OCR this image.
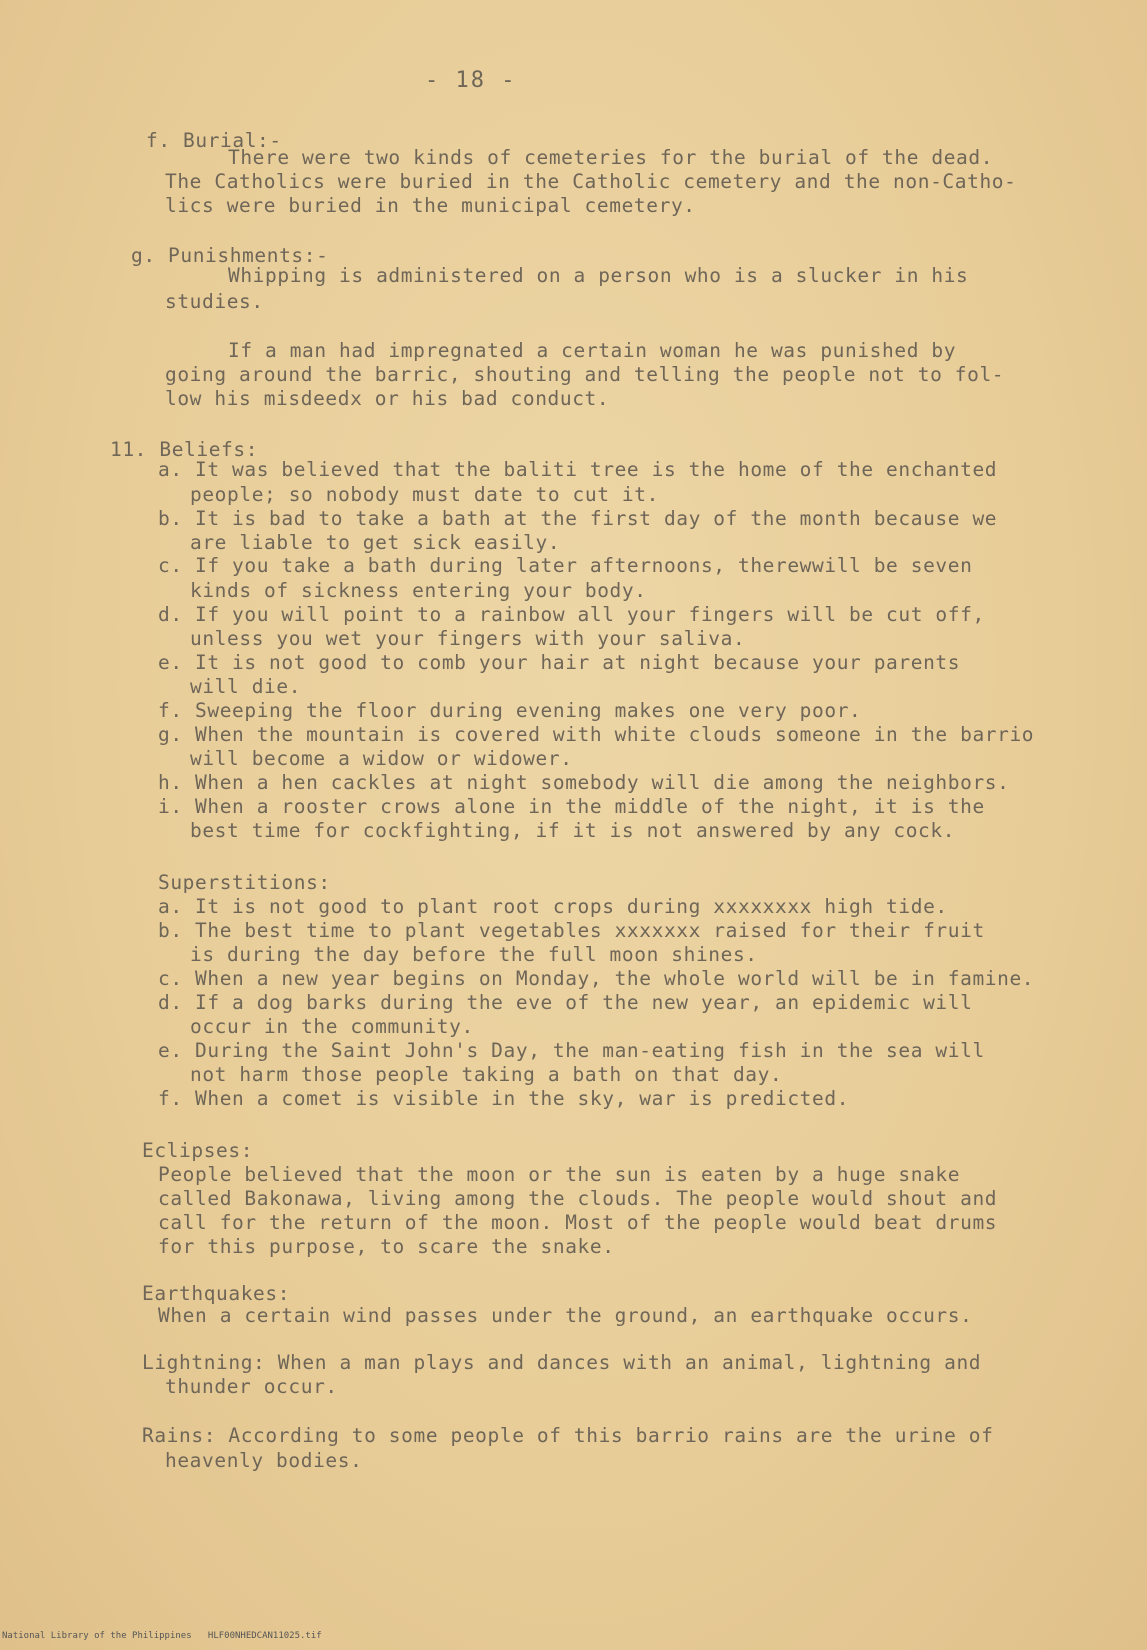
- 18 -
f. Burial:-
There were two kinds of cemeteries for the burial of the dead.
The Catholics were buried in the Catholic cemetery and the non-Catho-
lics were buried in the municipal cemetery.
g. Punishments:-
Whipping is administered on a person who is a slucker in his
studies.
If a man had impregnated a certain woman he was punished by
going around the barric, shouting and telling the people not to fol-
low his misdeedx or his bad conduct.
11. Beliefs:
a. It was believed that the baliti tree is the home of the enchanted
people; so nobody must date to cut it.
b. It is bad to take a bath at the first day of the month because we
are liable to get sick easily.
c. If you take a bath during later afternoons, therewwill be seven
kinds of sickness entering your body.
d. If you will point to a rainbow all your fingers will be cut off,
unless you wet your fingers with your saliva.
e. It is not good to comb your hair at night because your parents
will die.
f. Sweeping the floor during evening makes one very poor.
g. When the mountain is covered with white clouds someone in the barrio
will become a widow or widower.
h. When a hen cackles at night somebody will die among the neighbors.
i. When a rooster crows alone in the middle of the night, it is the
best time for cockfighting, if it is not answered by any cock.
Superstitions:
a. It is not good to plant root crops during xxxxxxxx high tide.
b. The best time to plant vegetables xxxxxxx raised for their fruit
is during the day before the full moon shines.
c. When a new year begins on Monday, the whole world will be in famine.
d. If a dog barks during the eve of the new year, an epidemic will
occur in the community.
e. During the Saint John's Day, the man-eating fish in the sea will
not harm those people taking a bath on that day.
f. When a comet is visible in the sky, war is predicted.
Eclipses:
People believed that the moon or the sun is eaten by a huge snake
called Bakonawa, living among the clouds. The people would shout and
call for the return of the moon. Most of the people would beat drums
for this purpose, to scare the snake.
Earthquakes:
When a certain wind passes under the ground, an earthquake occurs.
Lightning: When a man plays and dances with an animal, lightning and
thunder occur.
Rains: According to some people of this barrio rains are the urine of
heavenly bodies.
National Library of the Philippines   HLF00NHEDCAN11025.tif
